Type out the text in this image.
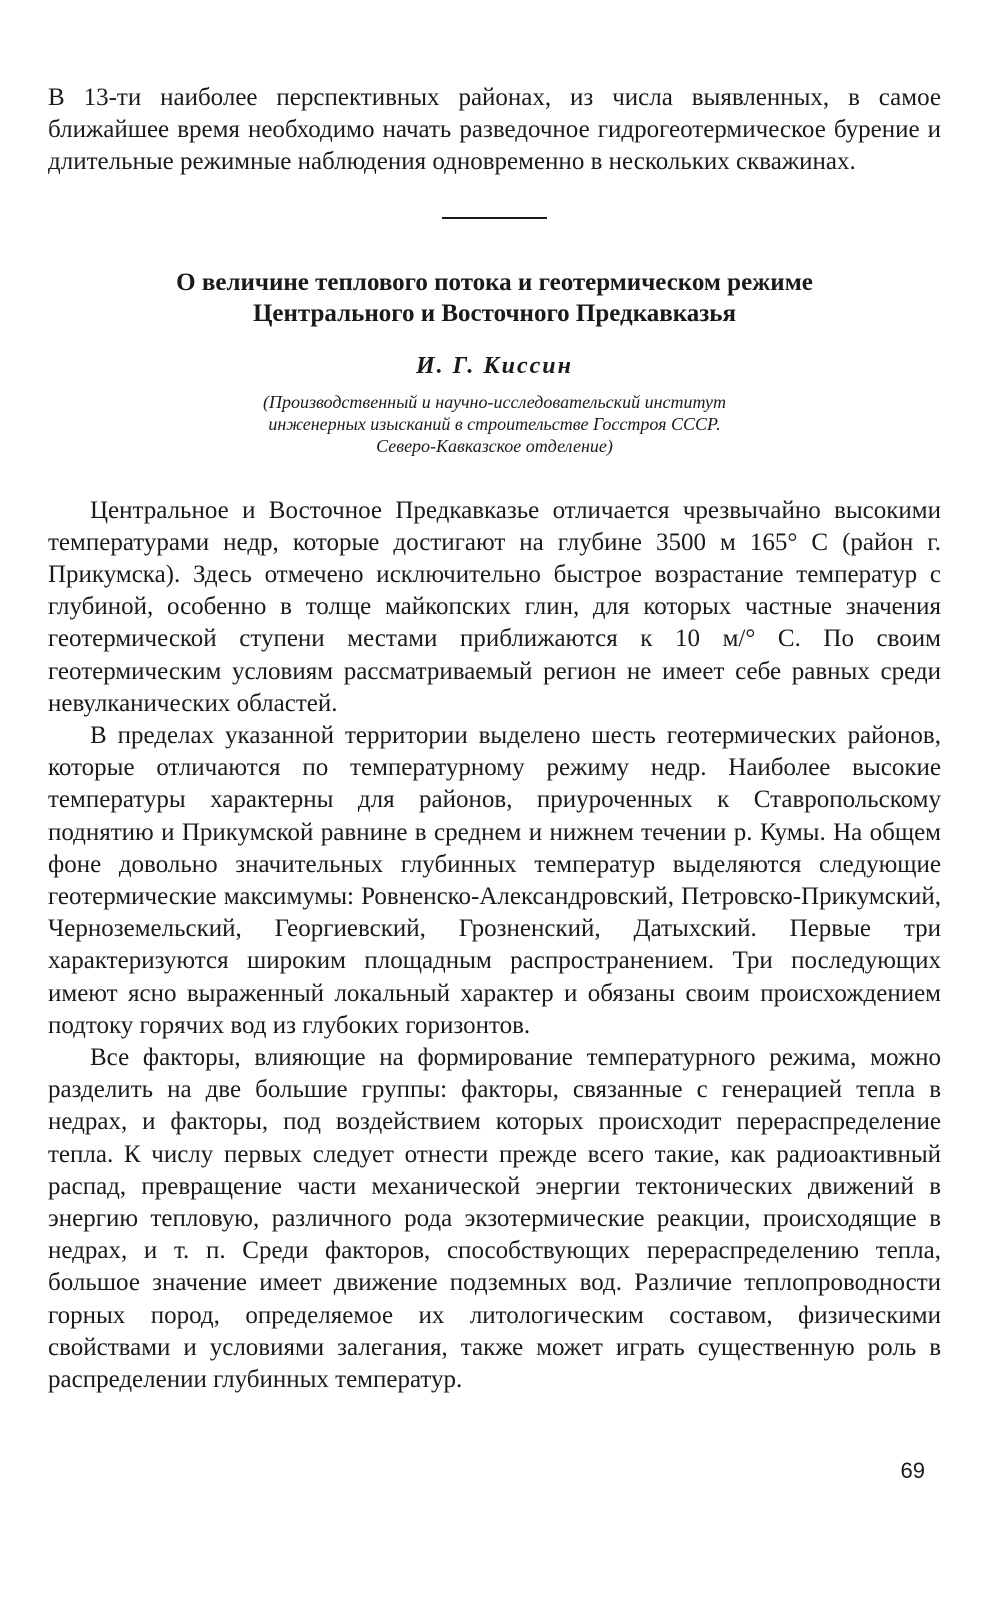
В 13-ти наиболее перспективных районах, из числа выявленных, в самое ближайшее время необходимо начать разведочное гидрогеотермическое бурение и длительные режимные наблюдения одновременно в нескольких скважинах.

О величине теплового потока и геотермическом режиме
Центрального и Восточного Предкавказья
И. Г. Киссин
(Производственный и научно-исследовательский институт
инженерных изысканий в строительстве Госстроя СССР.
Северо-Кавказское отделение)

Центральное и Восточное Предкавказье отличается чрезвычайно высокими температурами недр, которые достигают на глубине 3500 м 165° С (район г. Прикумска). Здесь отмечено исключительно быстрое возрастание температур с глубиной, особенно в толще майкопских глин, для которых частные значения геотермической ступени местами приближаются к 10 м/° С. По своим геотермическим условиям рассматриваемый регион не имеет себе равных среди невулканических областей.

В пределах указанной территории выделено шесть геотермических районов, которые отличаются по температурному режиму недр. Наиболее высокие температуры характерны для районов, приуроченных к Ставропольскому поднятию и Прикумской равнине в среднем и нижнем течении р. Кумы. На общем фоне довольно значительных глубинных температур выделяются следующие геотермические максимумы: Ровненско-Александровский, Петровско-Прикумский, Черноземельский, Георгиевский, Грозненский, Датыхский. Первые три характеризуются широким площадным распространением. Три последующих имеют ясно выраженный локальный характер и обязаны своим происхождением подтоку горячих вод из глубоких горизонтов.

Все факторы, влияющие на формирование температурного режима, можно разделить на две большие группы: факторы, связанные с генерацией тепла в недрах, и факторы, под воздействием которых происходит перераспределение тепла. К числу первых следует отнести прежде всего такие, как радиоактивный распад, превращение части механической энергии тектонических движений в энергию тепловую, различного рода экзотермические реакции, происходящие в недрах, и т. п. Среди факторов, способствующих перераспределению тепла, большое значение имеет движение подземных вод. Различие теплопроводности горных пород, определяемое их литологическим составом, физическими свойствами и условиями залегания, также может играть существенную роль в распределении глубинных температур.

69
